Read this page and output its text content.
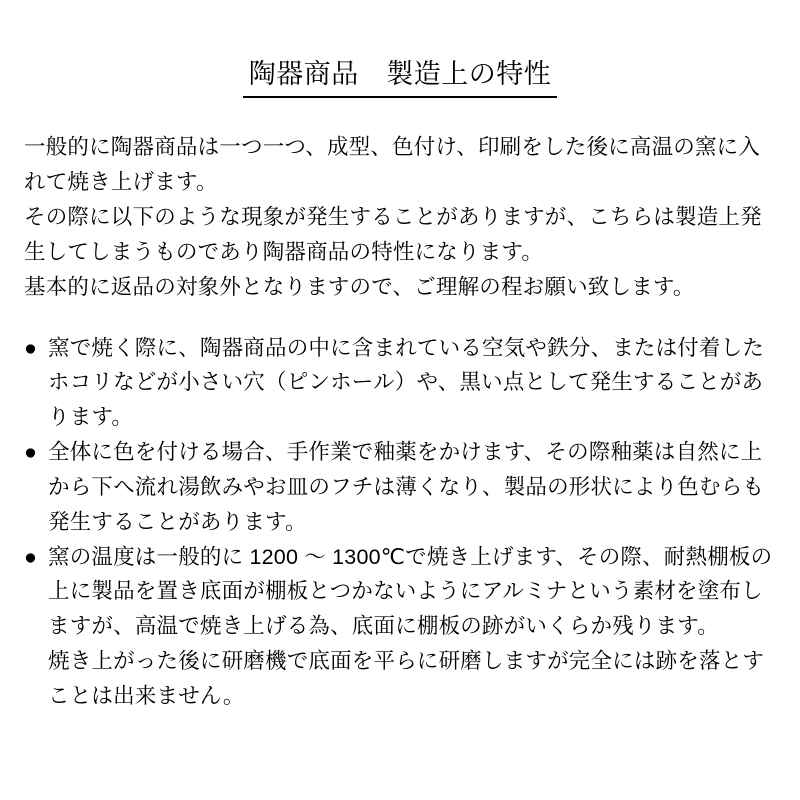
陶器商品　製造上の特性

一般的に陶器商品は一つ一つ、成型、色付け、印刷をした後に高温の窯に入れて焼き上げます。

その際に以下のような現象が発生することがありますが、こちらは製造上発生してしまうものであり陶器商品の特性になります。

基本的に返品の対象外となりますので、ご理解の程お願い致します。

● 窯で焼く際に、陶器商品の中に含まれている空気や鉄分、または付着したホコリなどが小さい穴（ピンホール）や、黒い点として発生することがあります。
● 全体に色を付ける場合、手作業で釉薬をかけます、その際釉薬は自然に上から下へ流れ湯飲みやお皿のフチは薄くなり、製品の形状により色むらも発生することがあります。
● 窯の温度は一般的に 1200 ～ 1300℃で焼き上げます、その際、耐熱棚板の上に製品を置き底面が棚板とつかないようにアルミナという素材を塗布しますが、高温で焼き上げる為、底面に棚板の跡がいくらか残ります。
焼き上がった後に研磨機で底面を平らに研磨しますが完全には跡を落とすことは出来ません。
